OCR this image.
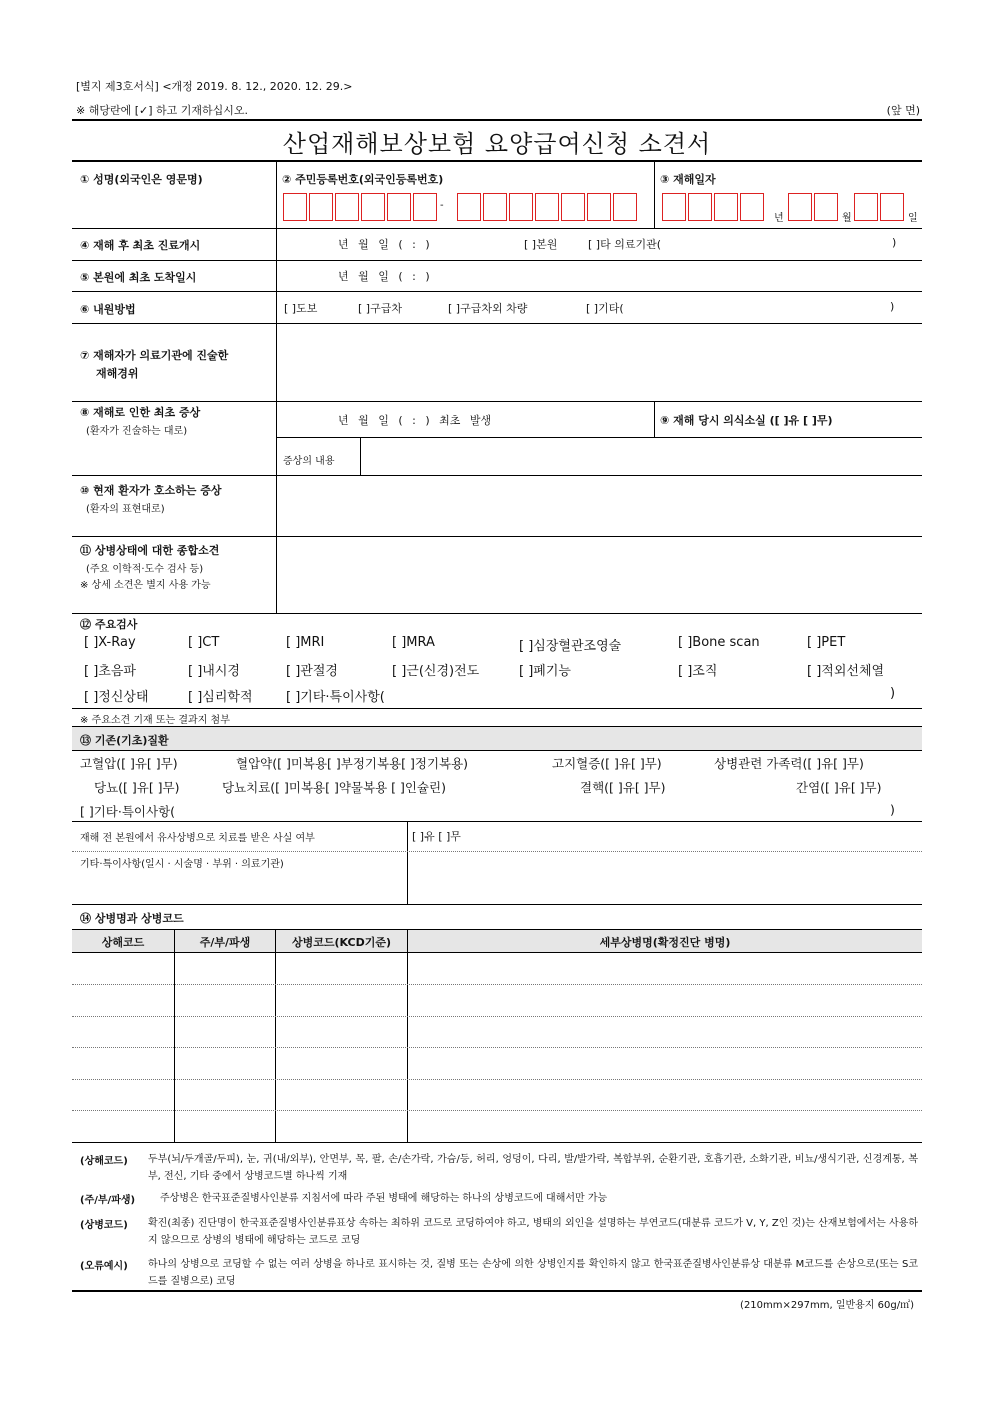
[별지 제3호서식] <개정 2019. 8. 12., 2020. 12. 29.>
※ 해당란에 [✓] 하고 기재하십시오.	(앞 면)
산업재해보상보험 요양급여신청 소견서
① 성명(외국인은 영문명)	② 주민등록번호(외국인등록번호)
-
③ 재해일자
년	월	일
④ 재해 후 최초 진료개시	년 월 일 ( : )	[ ]본원	[ ]타 의료기관(	)
⑤ 본원에 최초 도착일시	년 월 일 ( : )
⑥ 내원방법	[ ]도보	[ ]구급차	[ ]구급차외 차량	[ ]기타(	)
⑦ 재해자가 의료기관에 진술한
재해경위
⑧ 재해로 인한 최초 증상
(환자가 진술하는 대로)
년 월 일 ( : ) 최초 발생	⑨ 재해 당시 의식소실 ([ ]유 [ ]무)
증상의 내용
⑩ 현재 환자가 호소하는 증상
(환자의 표현대로)
⑪ 상병상태에 대한 종합소견
(주요 이학적·도수 검사 등)
※ 상세 소견은 별지 사용 가능
⑫ 주요검사
[ ]X-Ray	[ ]CT	[ ]MRI	[ ]MRA	[ ]심장혈관조영술	[ ]Bone scan	[ ]PET
[ ]초음파	[ ]내시경	[ ]관절경	[ ]근(신경)전도	[ ]폐기능	[ ]조직	[ ]적외선체열
[ ]정신상태	[ ]심리학적	[ ]기타·특이사항(	)
※ 주요소견 기재 또는 결과지 첨부
⑬ 기존(기초)질환
고혈압([ ]유[ ]무)	혈압약([ ]미복용[ ]부정기복용[ ]정기복용)	고지혈증([ ]유[ ]무)	상병관련 가족력([ ]유[ ]무)
당뇨([ ]유[ ]무)	당뇨치료([ ]미복용[ ]약물복용 [ ]인슐린)	결핵([ ]유[ ]무)	간염([ ]유[ ]무)
[ ]기타·특이사항(	)
재해 전 본원에서 유사상병으로 치료를 받은 사실 여부	[ ]유 [ ]무
기타·특이사항(일시 · 시술명 · 부위 · 의료기관)
⑭ 상병명과 상병코드
상해코드	주/부/파생	상병코드(KCD기준)	세부상병명(확정진단 병명)
(상해코드) 두부(뇌/두개골/두피), 눈, 귀(내/외부), 안면부, 목, 팔, 손/손가락, 가슴/등, 허리, 엉덩이, 다리, 발/발가락, 복합부위, 순환기관, 호흡기관, 소화기관, 비뇨/생식기관, 신경계통, 복부, 전신, 기타 중에서 상병코드별 하나씩 기재
(주/부/파생) 주상병은 한국표준질병사인분류 지침서에 따라 주된 병태에 해당하는 하나의 상병코드에 대해서만 가능
(상병코드) 확진(최종) 진단명이 한국표준질병사인분류표상 속하는 최하위 코드로 코딩하여야 하고, 병태의 외인을 설명하는 부연코드(대분류 코드가 V, Y, Z인 것)는 산재보험에서는 사용하지 않으므로 상병의 병태에 해당하는 코드로 코딩
(오류예시) 하나의 상병으로 코딩할 수 없는 여러 상병을 하나로 표시하는 것, 질병 또는 손상에 의한 상병인지를 확인하지 않고 한국표준질병사인분류상 대분류 M코드를 손상으로(또는 S코드를 질병으로) 코딩
(210mm×297mm, 일반용지 60g/㎡)
